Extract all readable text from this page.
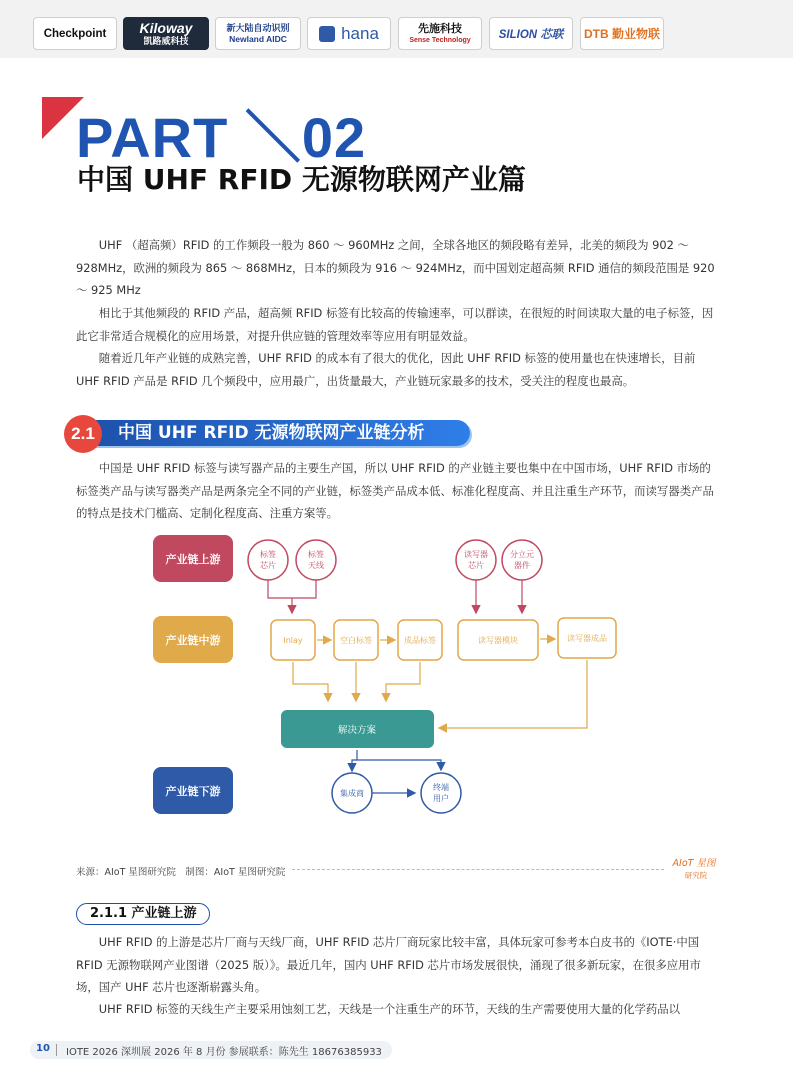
Checkpoint Kiloway
凯路威科技
新大陆自动识别
Newland AIDC	hana	先施科技
Sense Technology SILION 芯联 DTB 勤业物联
PART ＼02
中国 UHF RFID 无源物联网产业篇

UHF （超高频）RFID 的工作频段一般为 860 ～ 960MHz 之间，全球各地区的频段略有差异，北美的频段为 902 ～ 928MHz，欧洲的频段为 865 ～ 868MHz，日本的频段为 916 ～ 924MHz，而中国划定超高频 RFID 通信的频段范围是 920 ～ 925 MHz

相比于其他频段的 RFID 产品，超高频 RFID 标签有比较高的传输速率，可以群读，在很短的时间读取大量的电子标签，因此它非常适合规模化的应用场景，对提升供应链的管理效率等应用有明显效益。

随着近几年产业链的成熟完善，UHF RFID 的成本有了很大的优化，因此 UHF RFID 标签的使用量也在快速增长，目前 UHF RFID 产品是 RFID 几个频段中，应用最广，出货量最大，产业链玩家最多的技术，受关注的程度也最高。

2.1	中国 UHF RFID 无源物联网产业链分析

中国是 UHF RFID 标签与读写器产品的主要生产国，所以 UHF RFID 的产业链主要也集中在中国市场，UHF RFID 市场的标签类产品与读写器类产品是两条完全不同的产业链，标签类产品成本低、标准化程度高、并且注重生产环节，而读写器类产品的特点是技术门槛高、定制化程度高、注重方案等。

产业链上游
产业链中游
产业链下游
标签
芯片
标签
天线
读写器
芯片
分立元
器件
Inlay	空白标签	成品标签	读写器模块	读写器成品
解决方案
集成商
终端
用户
来源：AIoT 星图研究院　制图：AIoT 星图研究院
AIoT 星图
研究院
2.1.1 产业链上游

UHF RFID 的上游是芯片厂商与天线厂商，UHF RFID 芯片厂商玩家比较丰富，具体玩家可参考本白皮书的《IOTE·中国 RFID 无源物联网产业图谱（2025 版）》。最近几年，国内 UHF RFID 芯片市场发展很快，涌现了很多新玩家，在很多应用市场，国产 UHF 芯片也逐渐崭露头角。

UHF RFID 标签的天线生产主要采用蚀刻工艺，天线是一个注重生产的环节，天线的生产需要使用大量的化学药品以

10 IOTE 2026 深圳展 2026 年 8 月份 参展联系：陈先生 18676385933
